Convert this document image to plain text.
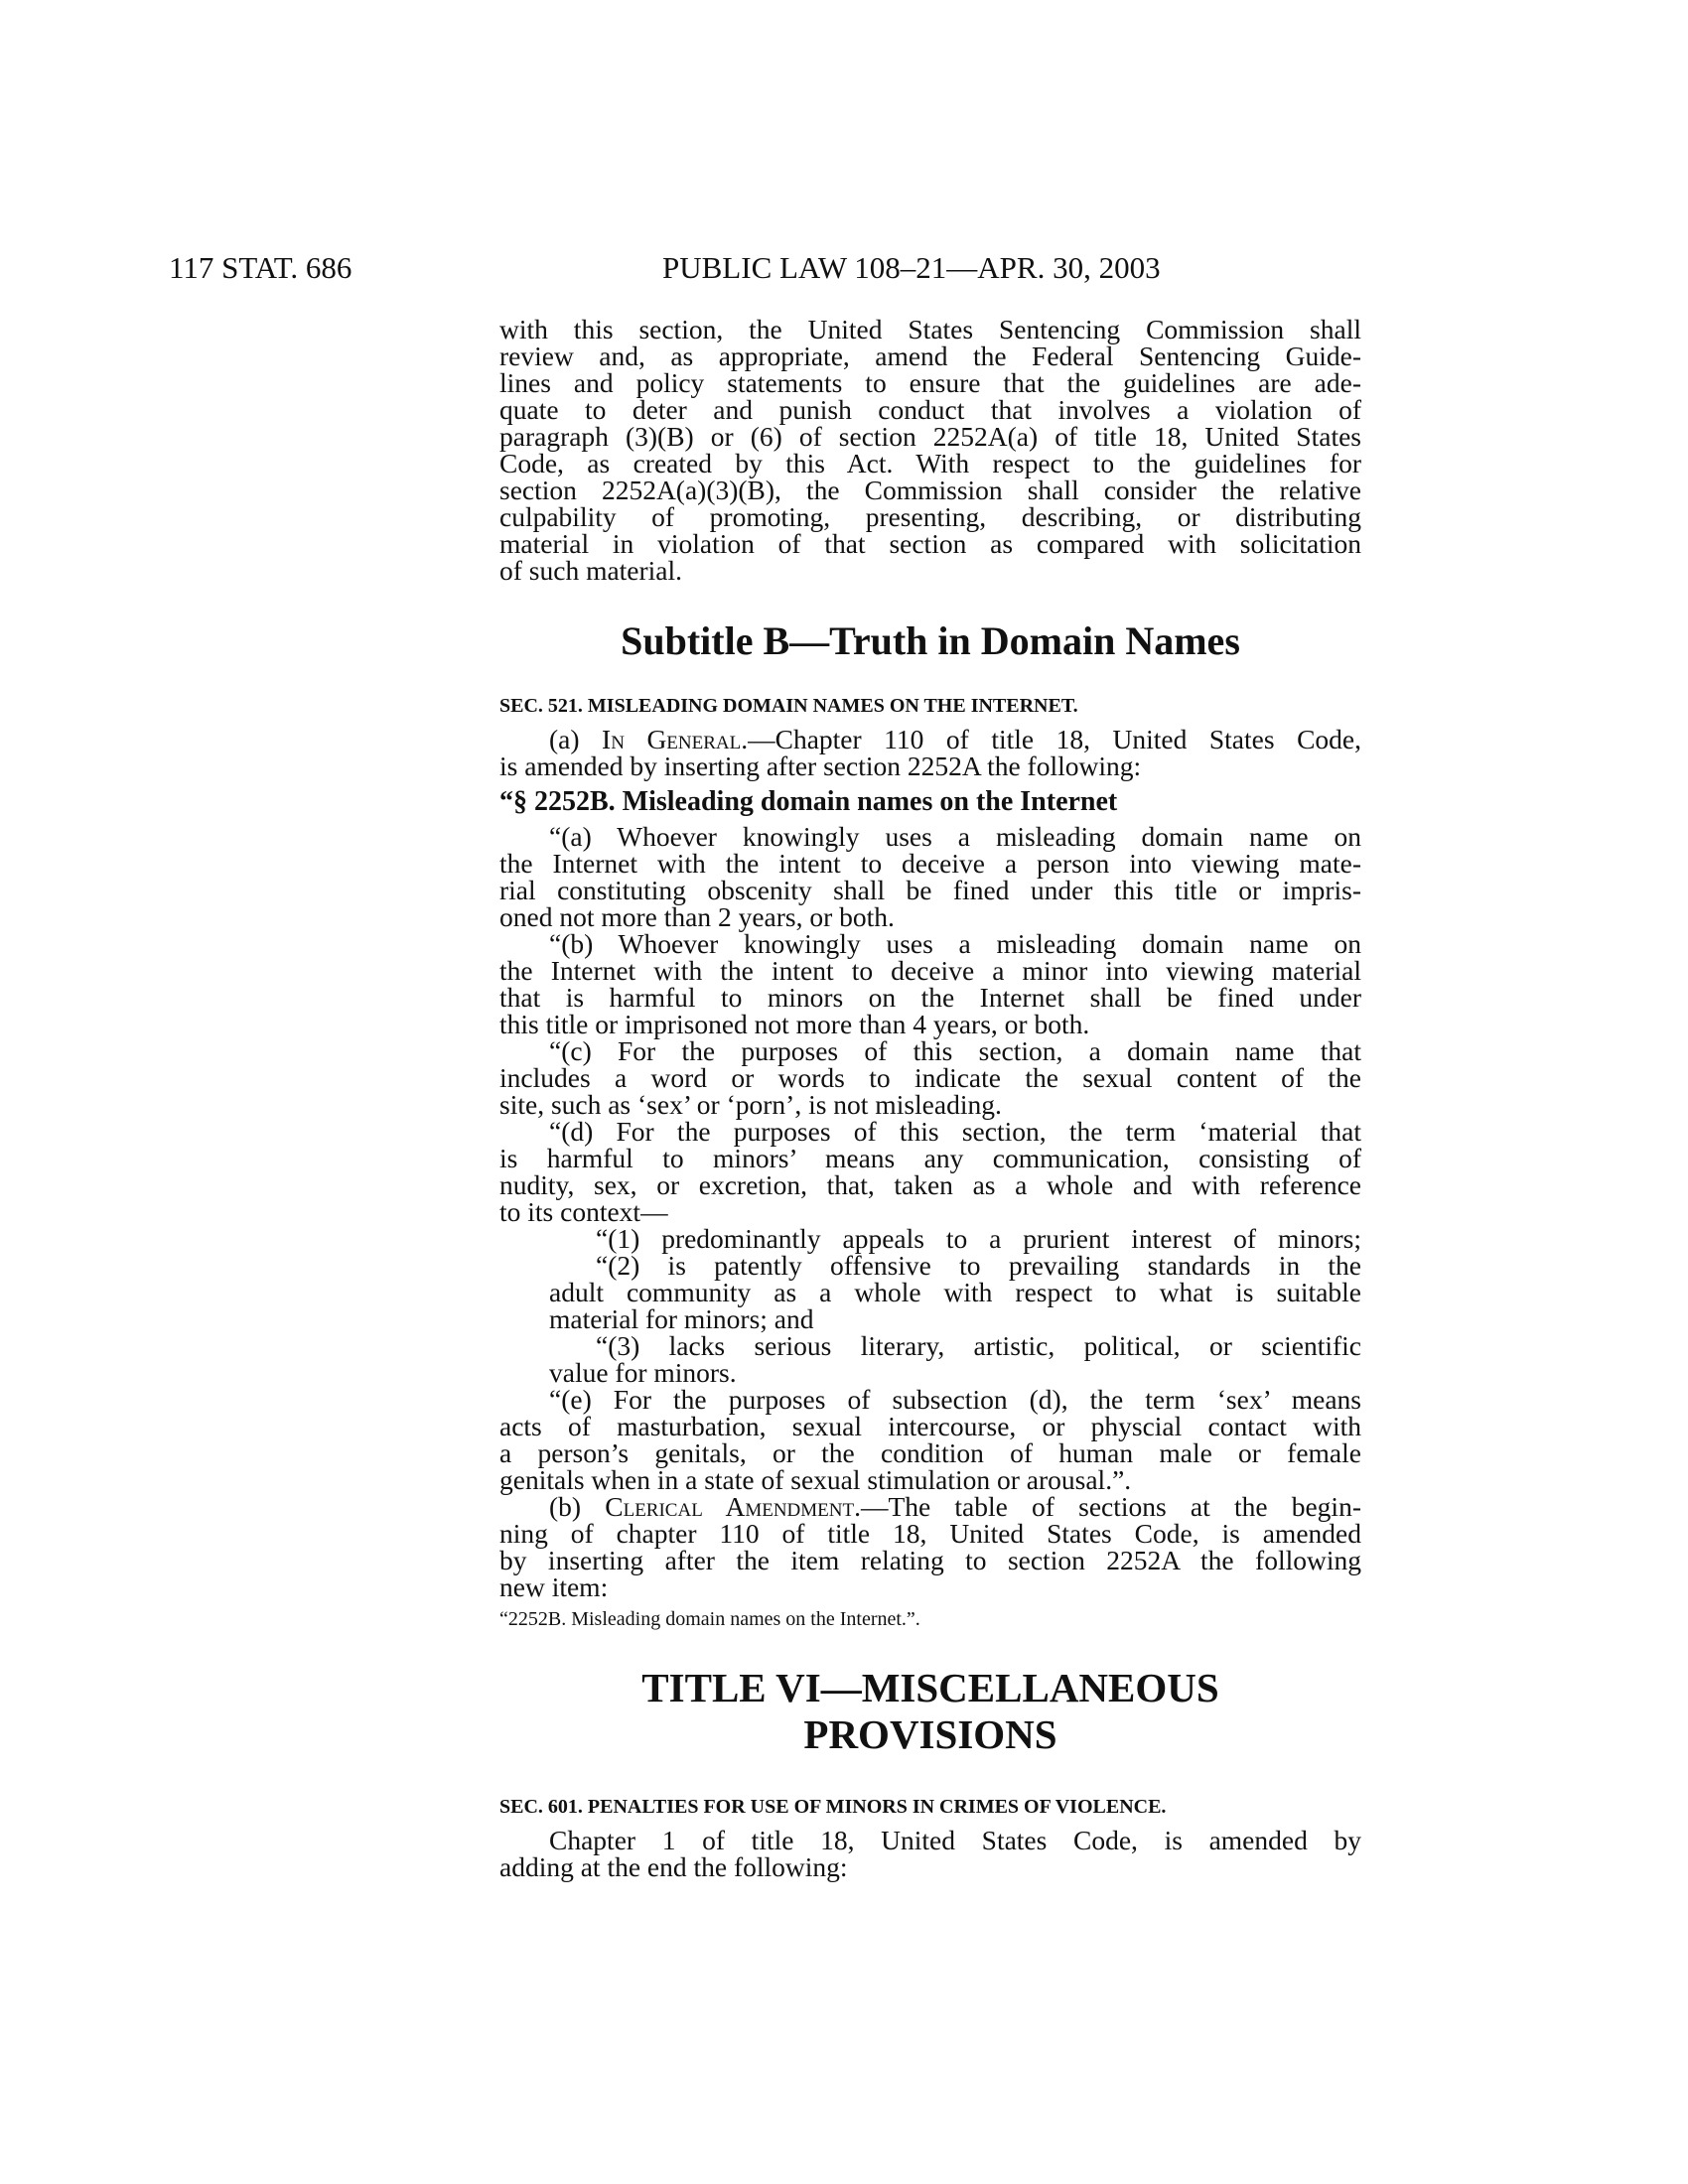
117 STAT. 686	PUBLIC LAW 108–21—APR. 30, 2003
with this section, the United States Sentencing Commission shall
review and, as appropriate, amend the Federal Sentencing Guide-
lines and policy statements to ensure that the guidelines are ade-
quate to deter and punish conduct that involves a violation of
paragraph (3)(B) or (6) of section 2252A(a) of title 18, United States
Code, as created by this Act. With respect to the guidelines for
section 2252A(a)(3)(B), the Commission shall consider the relative
culpability of promoting, presenting, describing, or distributing
material in violation of that section as compared with solicitation
of such material.
Subtitle B—Truth in Domain Names
SEC. 521. MISLEADING DOMAIN NAMES ON THE INTERNET.
(a) In General.—Chapter 110 of title 18, United States Code,
is amended by inserting after section 2252A the following:
“§ 2252B. Misleading domain names on the Internet
“(a) Whoever knowingly uses a misleading domain name on
the Internet with the intent to deceive a person into viewing mate-
rial constituting obscenity shall be fined under this title or impris-
oned not more than 2 years, or both.
“(b) Whoever knowingly uses a misleading domain name on
the Internet with the intent to deceive a minor into viewing material
that is harmful to minors on the Internet shall be fined under
this title or imprisoned not more than 4 years, or both.
“(c) For the purposes of this section, a domain name that
includes a word or words to indicate the sexual content of the
site, such as ‘sex’ or ‘porn’, is not misleading.
“(d) For the purposes of this section, the term ‘material that
is harmful to minors’ means any communication, consisting of
nudity, sex, or excretion, that, taken as a whole and with reference
to its context—
“(1) predominantly appeals to a prurient interest of minors;
“(2) is patently offensive to prevailing standards in the
adult community as a whole with respect to what is suitable
material for minors; and
“(3) lacks serious literary, artistic, political, or scientific
value for minors.
“(e) For the purposes of subsection (d), the term ‘sex’ means
acts of masturbation, sexual intercourse, or physcial contact with
a person’s genitals, or the condition of human male or female
genitals when in a state of sexual stimulation or arousal.”.
(b) Clerical Amendment.—The table of sections at the begin-
ning of chapter 110 of title 18, United States Code, is amended
by inserting after the item relating to section 2252A the following
new item:
“2252B. Misleading domain names on the Internet.”.
TITLE VI—MISCELLANEOUS
PROVISIONS
SEC. 601. PENALTIES FOR USE OF MINORS IN CRIMES OF VIOLENCE.
Chapter 1 of title 18, United States Code, is amended by
adding at the end the following:
